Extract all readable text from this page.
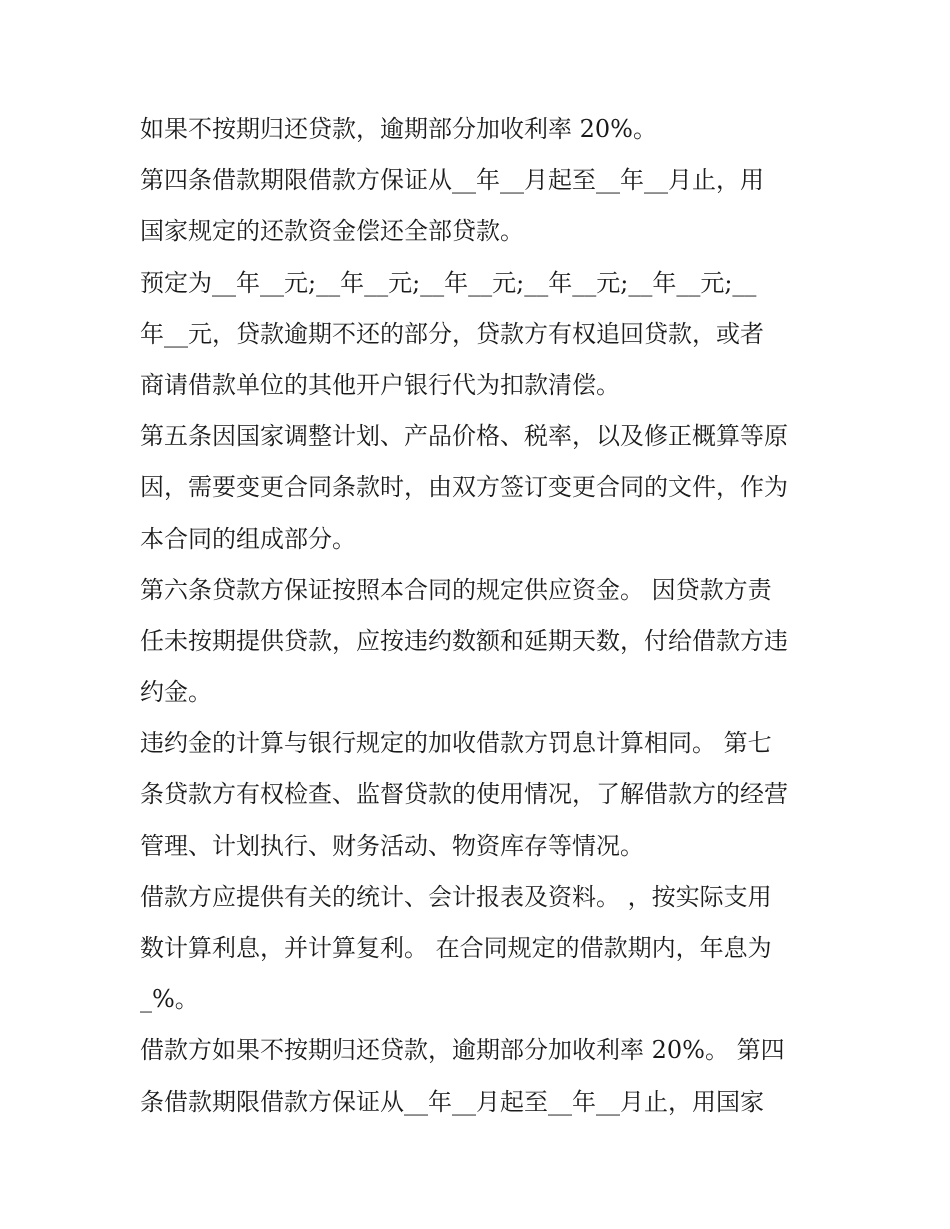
如果不按期归还贷款，逾期部分加收利率 20%。
第四条借款期限借款方保证从__年__月起至__年__月止，用
国家规定的还款资金偿还全部贷款。
预定为__年__元;__年__元;__年__元;__年__元;__年__元;__
年__元，贷款逾期不还的部分，贷款方有权追回贷款，或者
商请借款单位的其他开户银行代为扣款清偿。
第五条因国家调整计划、产品价格、税率，以及修正概算等原
因，需要变更合同条款时，由双方签订变更合同的文件，作为
本合同的组成部分。
第六条贷款方保证按照本合同的规定供应资金。 因贷款方责
任未按期提供贷款，应按违约数额和延期天数，付给借款方违
约金。
违约金的计算与银行规定的加收借款方罚息计算相同。 第七
条贷款方有权检查、监督贷款的使用情况，了解借款方的经营
管理、计划执行、财务活动、物资库存等情况。
借款方应提供有关的统计、会计报表及资料。 ，按实际支用
数计算利息，并计算复利。 在合同规定的借款期内，年息为
_%。
借款方如果不按期归还贷款，逾期部分加收利率 20%。 第四
条借款期限借款方保证从__年__月起至__年__月止，用国家
